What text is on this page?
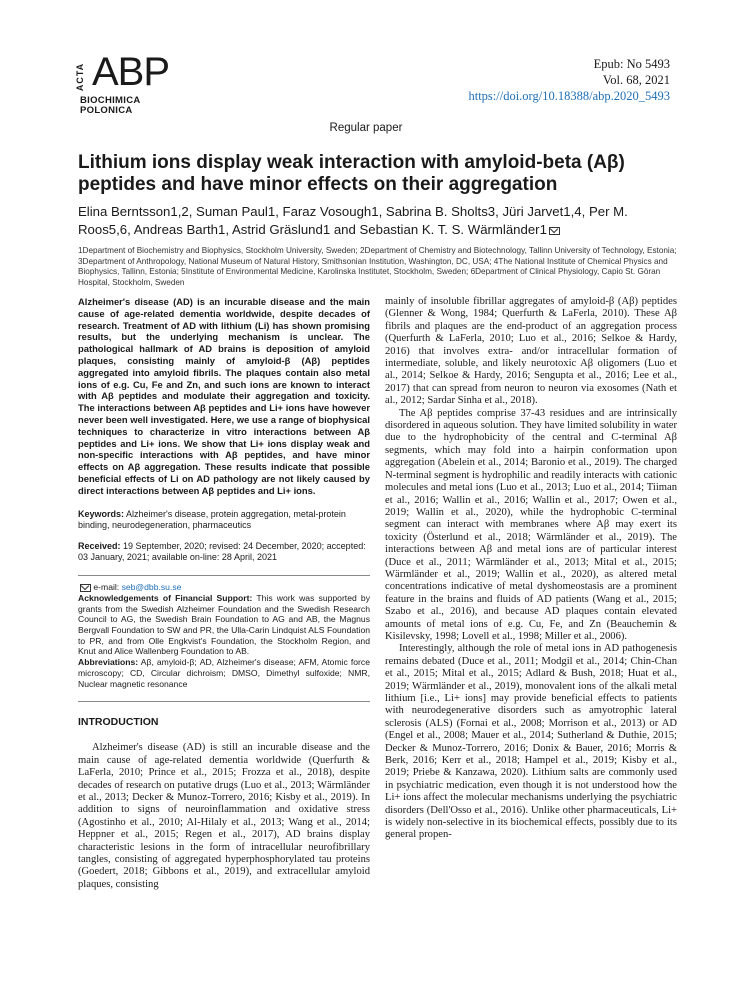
ACTA ABP
BIOCHIMICA
POLONICA
Epub: No 5493
Vol. 68, 2021
https://doi.org/10.18388/abp.2020_5493
Regular paper
Lithium ions display weak interaction with amyloid-beta (Aβ) peptides and have minor effects on their aggregation
Elina Berntsson1,2, Suman Paul1, Faraz Vosough1, Sabrina B. Sholts3, Jüri Jarvet1,4, Per M. Roos5,6, Andreas Barth1, Astrid Gräslund1 and Sebastian K. T. S. Wärmländer1
1Department of Biochemistry and Biophysics, Stockholm University, Sweden; 2Department of Chemistry and Biotechnology, Tallinn University of Technology, Estonia; 3Department of Anthropology, National Museum of Natural History, Smithsonian Institution, Washington, DC, USA; 4The National Institute of Chemical Physics and Biophysics, Tallinn, Estonia; 5Institute of Environmental Medicine, Karolinska Institutet, Stockholm, Sweden; 6Department of Clinical Physiology, Capio St. Göran Hospital, Stockholm, Sweden
Alzheimer's disease (AD) is an incurable disease and the main cause of age-related dementia worldwide, despite decades of research. Treatment of AD with lithium (Li) has shown promising results, but the underlying mechanism is unclear. The pathological hallmark of AD brains is deposition of amyloid plaques, consisting mainly of amyloid-β (Aβ) peptides aggregated into amyloid fibrils. The plaques contain also metal ions of e.g. Cu, Fe and Zn, and such ions are known to interact with Aβ peptides and modulate their aggregation and toxicity. The interactions between Aβ peptides and Li+ ions have however never been well investigated. Here, we use a range of biophysical techniques to characterize in vitro interactions between Aβ peptides and Li+ ions. We show that Li+ ions display weak and non-specific interactions with Aβ peptides, and have minor effects on Aβ aggregation. These results indicate that possible beneficial effects of Li on AD pathology are not likely caused by direct interactions between Aβ peptides and Li+ ions.
Keywords: Alzheimer's disease, protein aggregation, metal-protein binding, neurodegeneration, pharmaceutics
Received: 19 September, 2020; revised: 24 December, 2020; accepted: 03 January, 2021; available on-line: 28 April, 2021
e-mail: seb@dbb.su.se
Acknowledgements of Financial Support: This work was supported by grants from the Swedish Alzheimer Foundation and the Swedish Research Council to AG, the Swedish Brain Foundation to AG and AB, the Magnus Bergvall Foundation to SW and PR, the Ulla-Carin Lindquist ALS Foundation to PR, and from Olle Engkvist's Foundation, the Stockholm Region, and Knut and Alice Wallenberg Foundation to AB.
Abbreviations: Aβ, amyloid-β; AD, Alzheimer's disease; AFM, Atomic force microscopy; CD, Circular dichroism; DMSO, Dimethyl sulfoxide; NMR, Nuclear magnetic resonance
INTRODUCTION
Alzheimer's disease (AD) is still an incurable disease and the main cause of age-related dementia worldwide (Querfurth & LaFerla, 2010; Prince et al., 2015; Frozza et al., 2018), despite decades of research on putative drugs (Luo et al., 2013; Wärmländer et al., 2013; Decker & Munoz-Torrero, 2016; Kisby et al., 2019). In addition to signs of neuroinflammation and oxidative stress (Agostinho et al., 2010; Al-Hilaly et al., 2013; Wang et al., 2014; Heppner et al., 2015; Regen et al., 2017), AD brains display characteristic lesions in the form of intracellular neurofibrillary tangles, consisting of aggregated hyperphosphorylated tau proteins (Goedert, 2018; Gibbons et al., 2019), and extracellular amyloid plaques, consisting

mainly of insoluble fibrillar aggregates of amyloid-β (Aβ) peptides (Glenner & Wong, 1984; Querfurth & LaFerla, 2010). These Aβ fibrils and plaques are the end-product of an aggregation process (Querfurth & LaFerla, 2010; Luo et al., 2016; Selkoe & Hardy, 2016) that involves extra- and/or intracellular formation of intermediate, soluble, and likely neurotoxic Aβ oligomers (Luo et al., 2014; Selkoe & Hardy, 2016; Sengupta et al., 2016; Lee et al., 2017) that can spread from neuron to neuron via exosomes (Nath et al., 2012; Sardar Sinha et al., 2018).

The Aβ peptides comprise 37-43 residues and are intrinsically disordered in aqueous solution. They have limited solubility in water due to the hydrophobicity of the central and C-terminal Aβ segments, which may fold into a hairpin conformation upon aggregation (Abelein et al., 2014; Baronio et al., 2019). The charged N-terminal segment is hydrophilic and readily interacts with cationic molecules and metal ions (Luo et al., 2013; Luo et al., 2014; Tiiman et al., 2016; Wallin et al., 2016; Wallin et al., 2017; Owen et al., 2019; Wallin et al., 2020), while the hydrophobic C-terminal segment can interact with membranes where Aβ may exert its toxicity (Österlund et al., 2018; Wärmländer et al., 2019). The interactions between Aβ and metal ions are of particular interest (Duce et al., 2011; Wärmländer et al., 2013; Mital et al., 2015; Wärmländer et al., 2019; Wallin et al., 2020), as altered metal concentrations indicative of metal dyshomeostasis are a prominent feature in the brains and fluids of AD patients (Wang et al., 2015; Szabo et al., 2016), and because AD plaques contain elevated amounts of metal ions of e.g. Cu, Fe, and Zn (Beauchemin & Kisilevsky, 1998; Lovell et al., 1998; Miller et al., 2006).

Interestingly, although the role of metal ions in AD pathogenesis remains debated (Duce et al., 2011; Modgil et al., 2014; Chin-Chan et al., 2015; Mital et al., 2015; Adlard & Bush, 2018; Huat et al., 2019; Wärmländer et al., 2019), monovalent ions of the alkali metal lithium [i.e., Li+ ions] may provide beneficial effects to patients with neurodegenerative disorders such as amyotrophic lateral sclerosis (ALS) (Fornai et al., 2008; Morrison et al., 2013) or AD (Engel et al., 2008; Mauer et al., 2014; Sutherland & Duthie, 2015; Decker & Munoz-Torrero, 2016; Donix & Bauer, 2016; Morris & Berk, 2016; Kerr et al., 2018; Hampel et al., 2019; Kisby et al., 2019; Priebe & Kanzawa, 2020). Lithium salts are commonly used in psychiatric medication, even though it is not understood how the Li+ ions affect the molecular mechanisms underlying the psychiatric disorders (Dell'Osso et al., 2016). Unlike other pharmaceuticals, Li+ is widely non-selective in its biochemical effects, possibly due to its general propen-
